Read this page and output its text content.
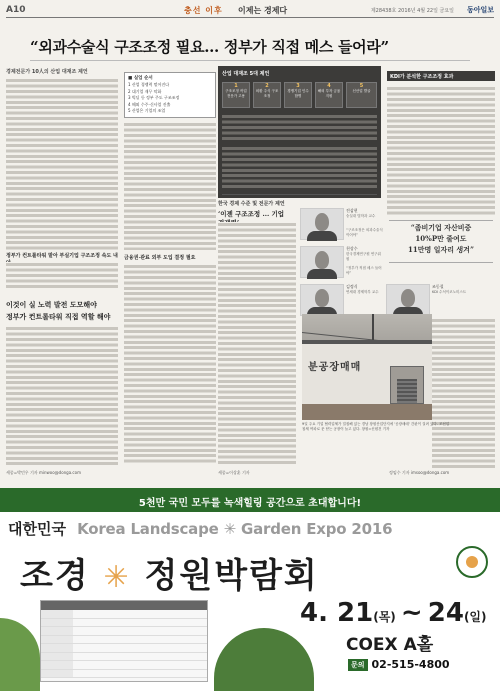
A10	충선 이후 이제는 경제다	제28438호 2016년 4월 22일 금요일 동아일보
“외과수술식 구조조정 필요… 정부가 직접 메스 들어라”
경제전문가 10人의 산업 대재조 제언
정부가 컨트롤타워 맡아 부실기업 구조조정 속도 내
이것이 실 노력 발전 도모해야
정부가 컨트롤타워 직접 역할 해야
세종=박민우 기자 minwoo@donga.com
■ 실업 순서
1 산업 경쟁력 떨어진다
2 대기업 재무 악화
3 빅딜 등 정부 주도 구조조정
4 해외 수주·신사업 진출
5 산업은 기업의 조업
금융권·관료 외부 도입 결정 필요
산업 대재조 5대 제언
1
구조조정 작업 전문가 고용
2
외환 주식 구조조정
3
경쟁기업 인수합병
4
해외 투자 금융 지원
5
신산업 발굴
한국 경제 수준 및 전문가 제언
‘이젠 구조조정 ... 기업	전삼현
숭실대 법학과 교수
“구조조정은 외과수술식이어야”
천상수
한국경제연구원 연구위원
“정부가 직접 메스 들어야”
김정식
연세대 경제학부 교수
조동철
KDI 수석이코노미스트
KDI가 분석한 구조조정 효과
“좀비기업 자산비중
10%P만 줄여도
11만명 일자리 생겨”
정임수 기자 imsoo@donga.com
분공장매매
9일 주요 기업 협력업체가 밀집해 있는 경남 창원산업단지에 '공장매매' 간판이 걸려 있다. 조선업 침체 여파로 문 닫는 공장이 늘고 있다. 창원=신원건 기자
세종=이상훈 기자
5천만 국민 모두를 녹색힐링 공간으로 초대합니다!
대한민국 Korea Landscape ✳ Garden Expo 2016
조경 ✳ 정원박람회
4. 21(목) ~ 24(일)
COEX A홀
문의 02-515-4800
